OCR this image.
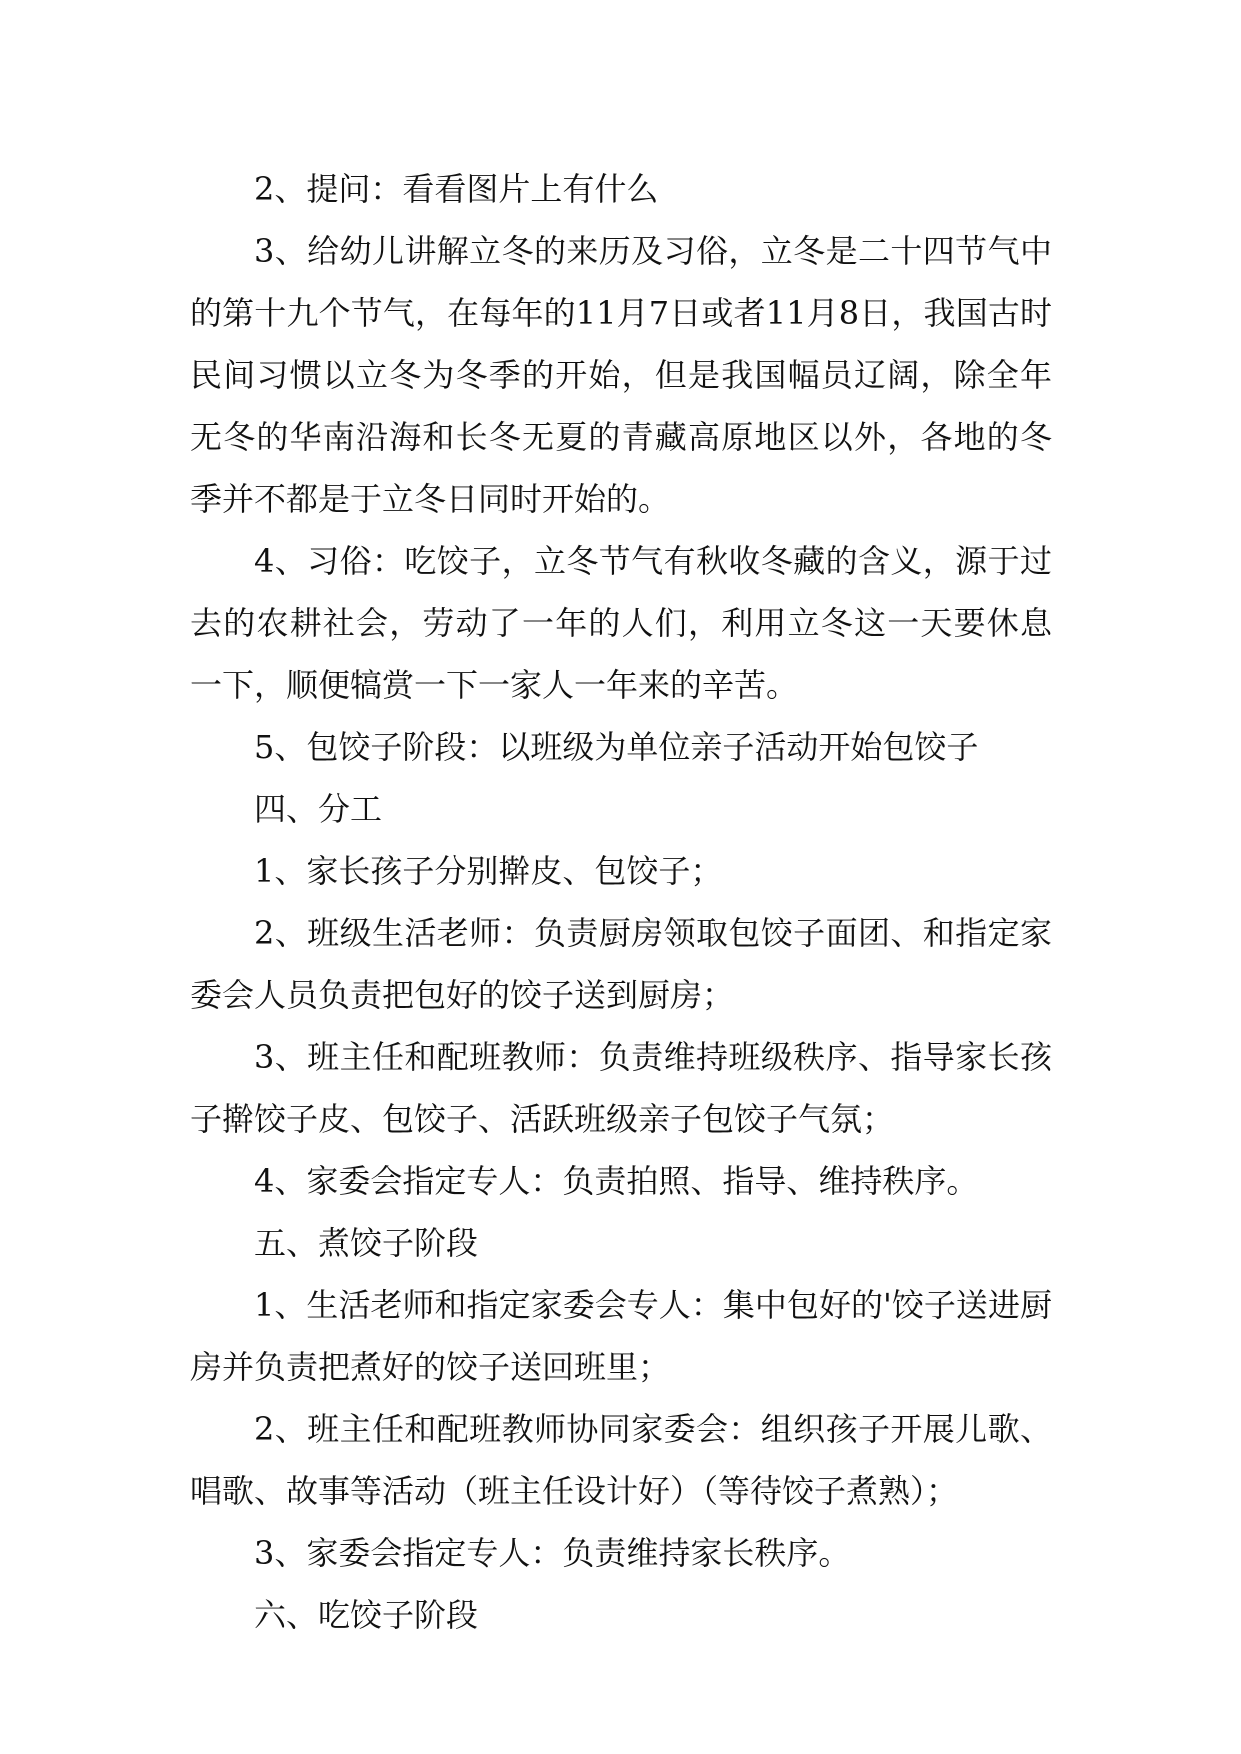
2、提问：看看图片上有什么

3、给幼儿讲解立冬的来历及习俗，立冬是二十四节气中的第十九个节气，在每年的11月7日或者11月8日，我国古时民间习惯以立冬为冬季的开始，但是我国幅员辽阔，除全年无冬的华南沿海和长冬无夏的青藏高原地区以外，各地的冬季并不都是于立冬日同时开始的。

4、习俗：吃饺子，立冬节气有秋收冬藏的含义，源于过去的农耕社会，劳动了一年的人们，利用立冬这一天要休息一下，顺便犒赏一下一家人一年来的辛苦。

5、包饺子阶段：以班级为单位亲子活动开始包饺子

四、分工

1、家长孩子分别擀皮、包饺子；

2、班级生活老师：负责厨房领取包饺子面团、和指定家委会人员负责把包好的饺子送到厨房；

3、班主任和配班教师：负责维持班级秩序、指导家长孩子擀饺子皮、包饺子、活跃班级亲子包饺子气氛；

4、家委会指定专人：负责拍照、指导、维持秩序。

五、煮饺子阶段

1、生活老师和指定家委会专人：集中包好的'饺子送进厨房并负责把煮好的饺子送回班里；

2、班主任和配班教师协同家委会：组织孩子开展儿歌、唱歌、故事等活动（班主任设计好）（等待饺子煮熟）；

3、家委会指定专人：负责维持家长秩序。

六、吃饺子阶段
